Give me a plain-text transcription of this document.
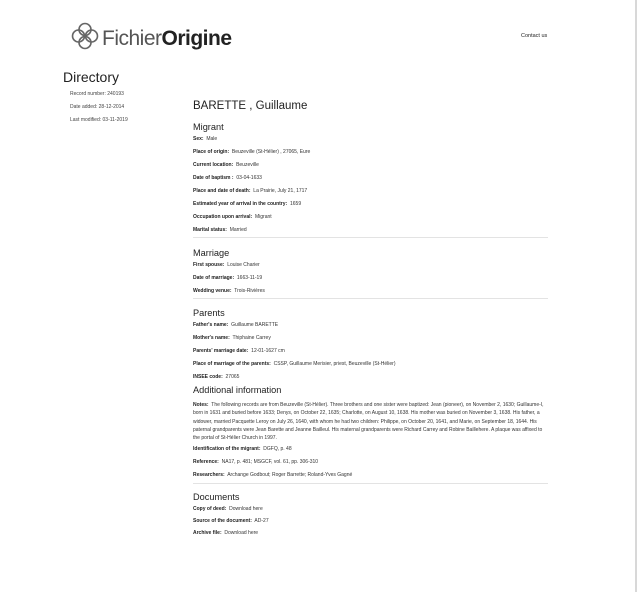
FichierOrigine	Contact us
Directory
Record number: 240193
Date added: 28-12-2014
Last modified: 03-11-2019
BARETTE , Guillaume
Migrant
Sex: Male
Place of origin: Beuzeville (St-Hélier) , 27065, Eure
Current location: Beuzeville
Date of baptism : 03-04-1633
Place and date of death: La Prairie, July 21, 1717
Estimated year of arrival in the country: 1659
Occupation upon arrival: Migrant
Marital status: Married
Marriage
First spouse: Louise Charier
Date of marriage: 1663-11-19
Wedding venue: Trois-Rivières
Parents
Father's name: Guillaume BARETTE
Mother's name: Thiphaine Carrey
Parents' marriage date: 12-01-1627 cm
Place of marriage of the parents: CSSP, Guillaume Merisier, priest, Beuzeville (St-Hélier)
INSEE code: 27065
Additional information
Notes: The following records are from Beuzeville (St-Hélier). Three brothers and one sister were baptized: Jean (pioneer), on November 2, 1630; Guillaume-I, born in 1631 and buried before 1633; Denys, on October 22, 1635; Charlotte, on August 10, 1638. His mother was buried on November 3, 1638. His father, a widower, married Pacquette Leroy on July 26, 1640, with whom he had two children: Philippe, on October 20, 1641, and Marie, on September 18, 1644. His paternal grandparents were Jean Barette and Jeanne Bailleul. His maternal grandparents were Richard Carrey and Robine Baillehere. A plaque was affixed to the portal of St-Hélier Church in 1997.
Identification of the migrant: DGFQ, p. 48
Reference: NA17, p. 481; MSGCF, vol. 61, pp. 306-310
Researchers: Archange Godbout; Roger Barrette; Roland-Yves Gagné
Documents
Copy of deed: Download here
Source of the document: AD-27
Archive file: Download here
